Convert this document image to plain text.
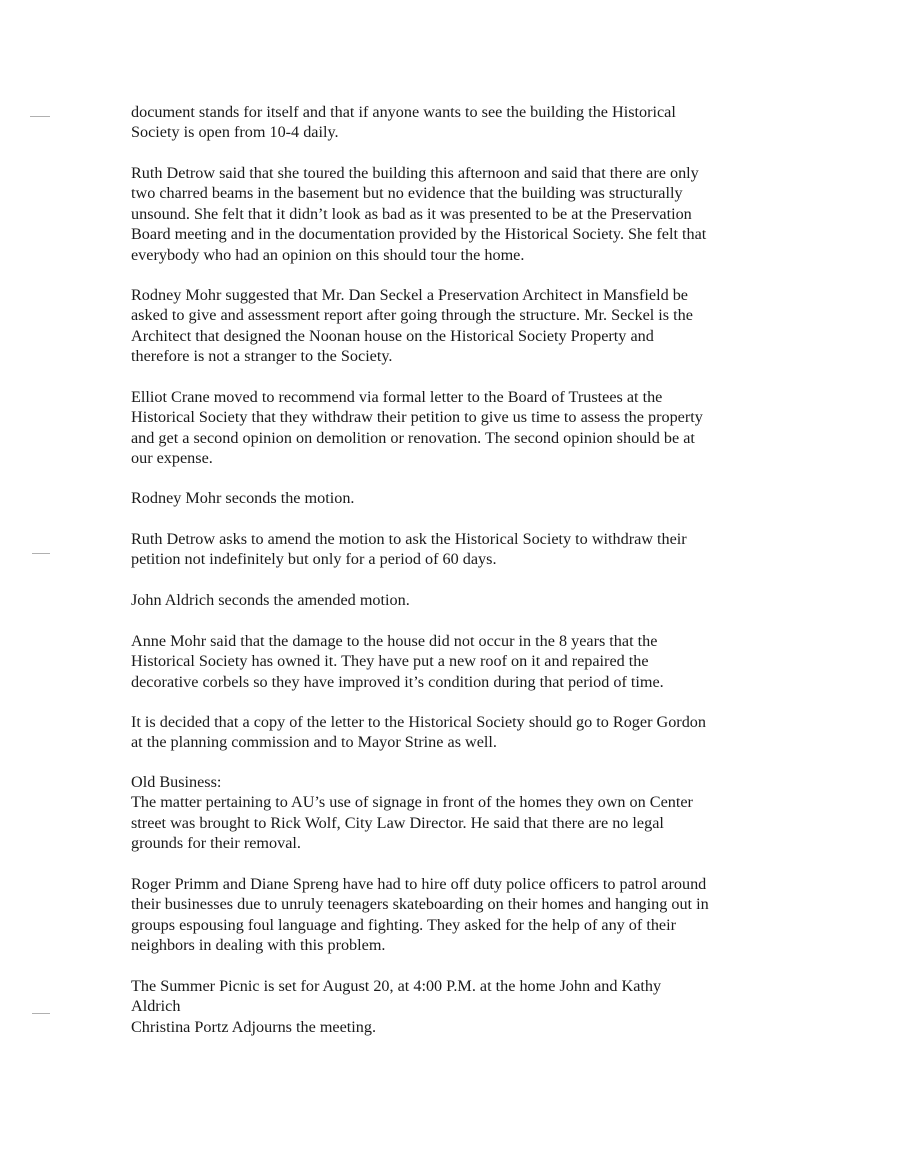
document stands for itself and that if anyone wants to see the building the Historical
Society is open from 10-4 daily.
Ruth Detrow said that she toured the building this afternoon and said that there are only
two charred beams in the basement but no evidence that the building was structurally
unsound. She felt that it didn’t look as bad as it was presented to be at the Preservation
Board meeting and in the documentation provided by the Historical Society. She felt that
everybody who had an opinion on this should tour the home.
Rodney Mohr suggested that Mr. Dan Seckel a Preservation Architect in Mansfield be
asked to give and assessment report after going through the structure. Mr. Seckel is the
Architect that designed the Noonan house on the Historical Society Property and
therefore is not a stranger to the Society.
Elliot Crane moved to recommend via formal letter to the Board of Trustees at the
Historical Society that they withdraw their petition to give us time to assess the property
and get a second opinion on demolition or renovation. The second opinion should be at
our expense.
Rodney Mohr seconds the motion.
Ruth Detrow asks to amend the motion to ask the Historical Society to withdraw their
petition not indefinitely but only for a period of 60 days.
John Aldrich seconds the amended motion.
Anne Mohr said that the damage to the house did not occur in the 8 years that the
Historical Society has owned it. They have put a new roof on it and repaired the
decorative corbels so they have improved it’s condition during that period of time.
It is decided that a copy of the letter to the Historical Society should go to Roger Gordon
at the planning commission and to Mayor Strine as well.
Old Business:
The matter pertaining to AU’s use of signage in front of the homes they own on Center
street was brought to Rick Wolf, City Law Director. He said that there are no legal
grounds for their removal.
Roger Primm and Diane Spreng have had to hire off duty police officers to patrol around
their businesses due to unruly teenagers skateboarding on their homes and hanging out in
groups espousing foul language and fighting. They asked for the help of any of their
neighbors in dealing with this problem.
The Summer Picnic is set for August 20, at 4:00 P.M. at the home John and Kathy
Aldrich
Christina Portz Adjourns the meeting.
